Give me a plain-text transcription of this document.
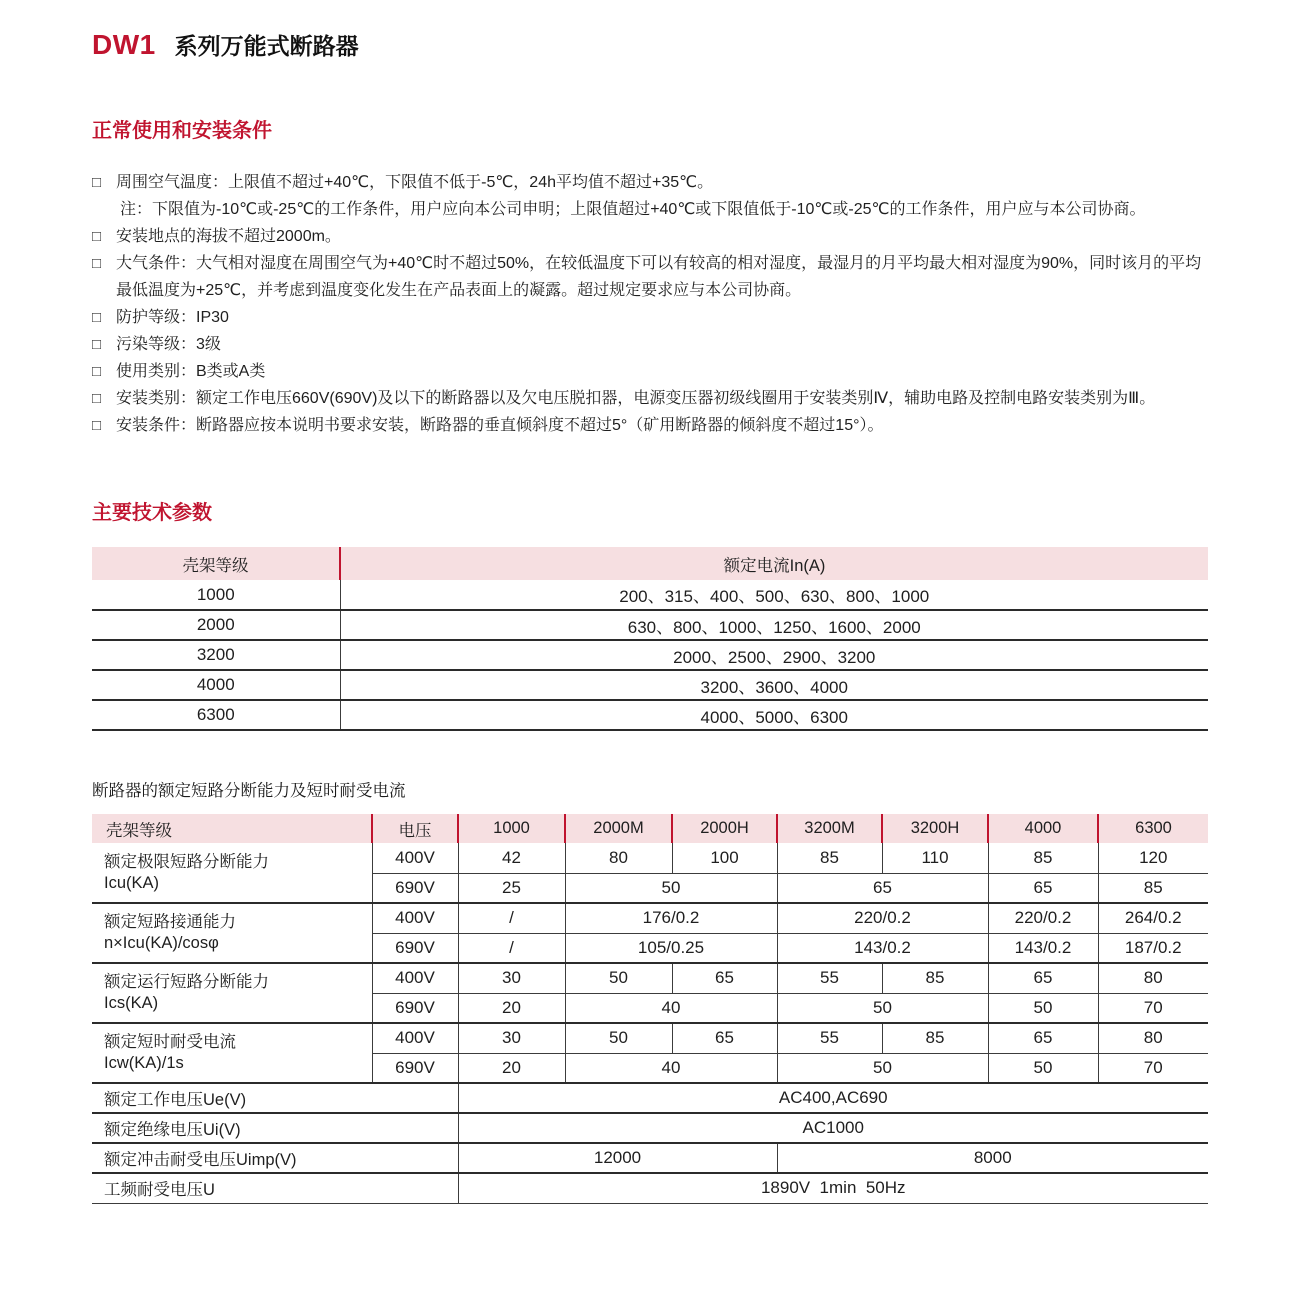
DW1 系列万能式断路器
正常使用和安装条件
□ 周围空气温度：上限值不超过+40℃，下限值不低于-5℃，24h平均值不超过+35℃。
注：下限值为-10℃或-25℃的工作条件，用户应向本公司申明；上限值超过+40℃或下限值低于-10℃或-25℃的工作条件，用户应与本公司协商。
□ 安装地点的海拔不超过2000m。
□ 大气条件：大气相对湿度在周围空气为+40℃时不超过50%，在较低温度下可以有较高的相对湿度，最湿月的月平均最大相对湿度为90%，同时该月的平均最低温度为+25℃，并考虑到温度变化发生在产品表面上的凝露。超过规定要求应与本公司协商。
□ 防护等级：IP30
□ 污染等级：3级
□ 使用类别：B类或A类
□ 安装类别：额定工作电压660V(690V)及以下的断路器以及欠电压脱扣器，电源变压器初级线圈用于安装类别Ⅳ，辅助电路及控制电路安装类别为Ⅲ。
□ 安装条件：断路器应按本说明书要求安装，断路器的垂直倾斜度不超过5°（矿用断路器的倾斜度不超过15°）。
主要技术参数
壳架等级	额定电流In(A)
1000	200、315、400、500、630、800、1000
2000	630、800、1000、1250、1600、2000
3200	2000、2500、2900、3200
4000	3200、3600、4000
6300	4000、5000、6300
断路器的额定短路分断能力及短时耐受电流
壳架等级	电压	1000	2000M	2000H	3200M	3200H	4000	6300

额定极限短路分断能力
Icu(KA)	400V	42	80	100	85	110	85	120
	690V	25	50		65		65	85

额定短路接通能力
n×Icu(KA)/cosφ	400V	/	176/0.2		220/0.2		220/0.2	264/0.2
	690V	/	105/0.25		143/0.2		143/0.2	187/0.2

额定运行短路分断能力
Ics(KA)	400V	30	50	65	55	85	65	80
	690V	20	40		50		50	70

额定短时耐受电流
Icw(KA)/1s	400V	30	50	65	55	85	65	80
	690V	20	40		50		50	70
额定工作电压Ue(V)		AC400,AC690						
额定绝缘电压Ui(V)		AC1000						
额定冲击耐受电压Uimp(V)		12000			8000			
工频耐受电压U		1890V  1min  50Hz						
